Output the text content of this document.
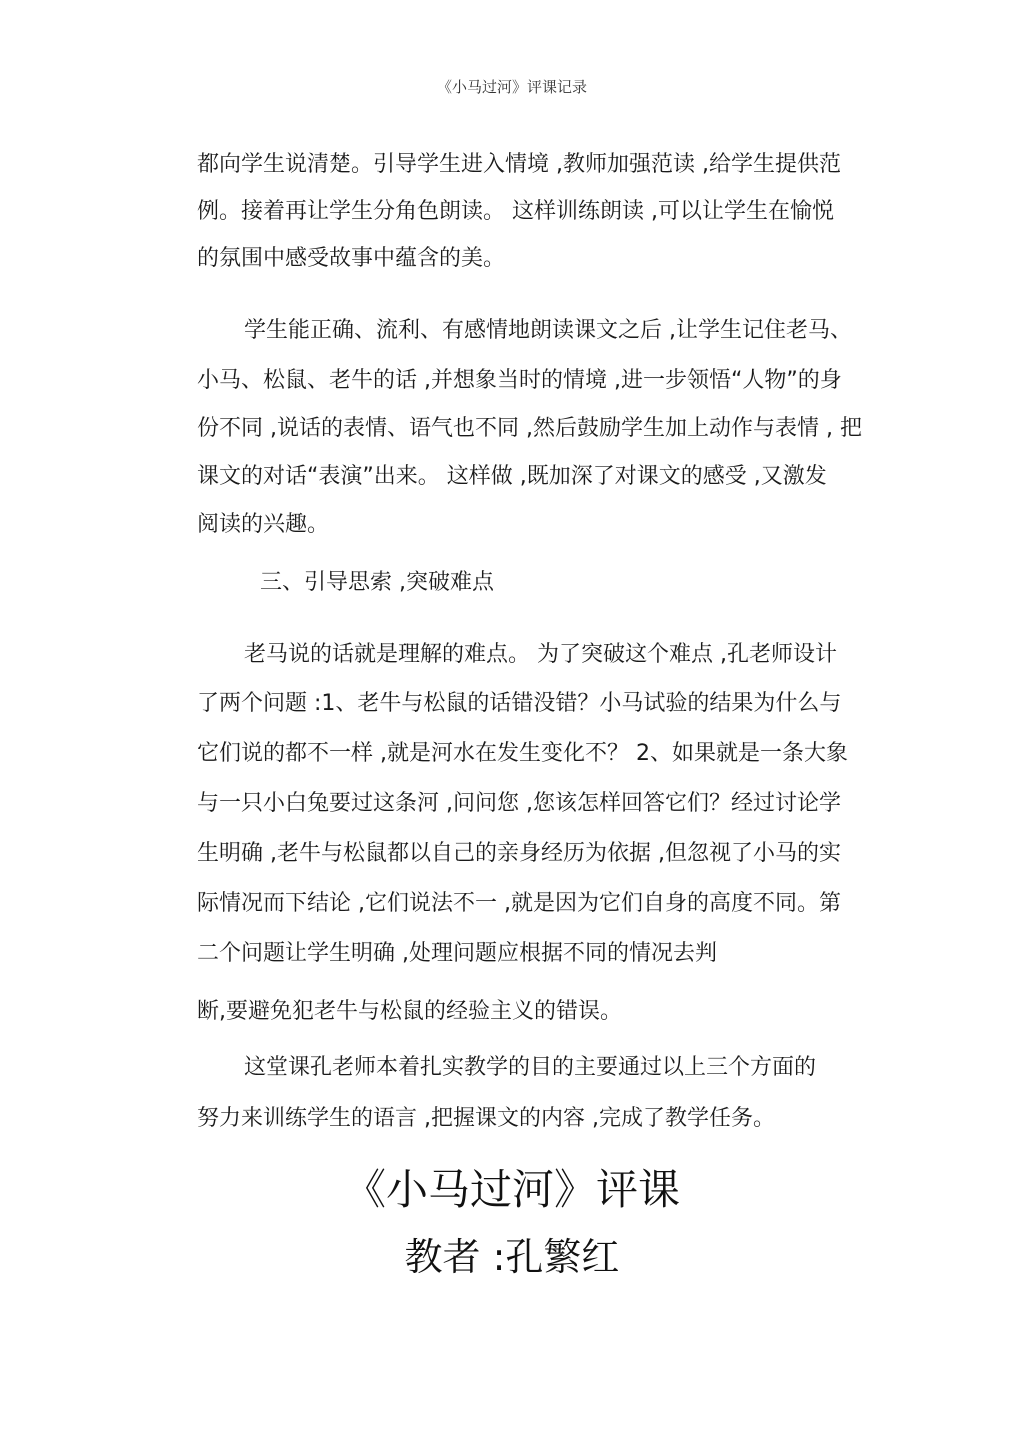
《小马过河》评课记录
都向学生说清楚。引导学生进入情境 ,教师加强范读 ,给学生提供范
例。接着再让学生分角色朗读。 这样训练朗读 ,可以让学生在愉悦
的氛围中感受故事中蕴含的美。
学生能正确、流利、有感情地朗读课文之后 ,让学生记住老马、
小马、松鼠、老牛的话 ,并想象当时的情境 ,进一步领悟“人物”的身
份不同 ,说话的表情、语气也不同 ,然后鼓励学生加上动作与表情 , 把
课文的对话“表演”出来。 这样做 ,既加深了对课文的感受 ,又激发
阅读的兴趣。
三、引导思索 ,突破难点
老马说的话就是理解的难点。 为了突破这个难点 ,孔老师设计
了两个问题 :1、老牛与松鼠的话错没错？小马试验的结果为什么与
它们说的都不一样 ,就是河水在发生变化不？ 2、如果就是一条大象
与一只小白兔要过这条河 ,问问您 ,您该怎样回答它们？经过讨论学
生明确 ,老牛与松鼠都以自己的亲身经历为依据 ,但忽视了小马的实
际情况而下结论 ,它们说法不一 ,就是因为它们自身的高度不同。第
二个问题让学生明确 ,处理问题应根据不同的情况去判
断,要避免犯老牛与松鼠的经验主义的错误。
这堂课孔老师本着扎实教学的目的主要通过以上三个方面的
努力来训练学生的语言 ,把握课文的内容 ,完成了教学任务。
《小马过河》评课
教者 :孔繁红
